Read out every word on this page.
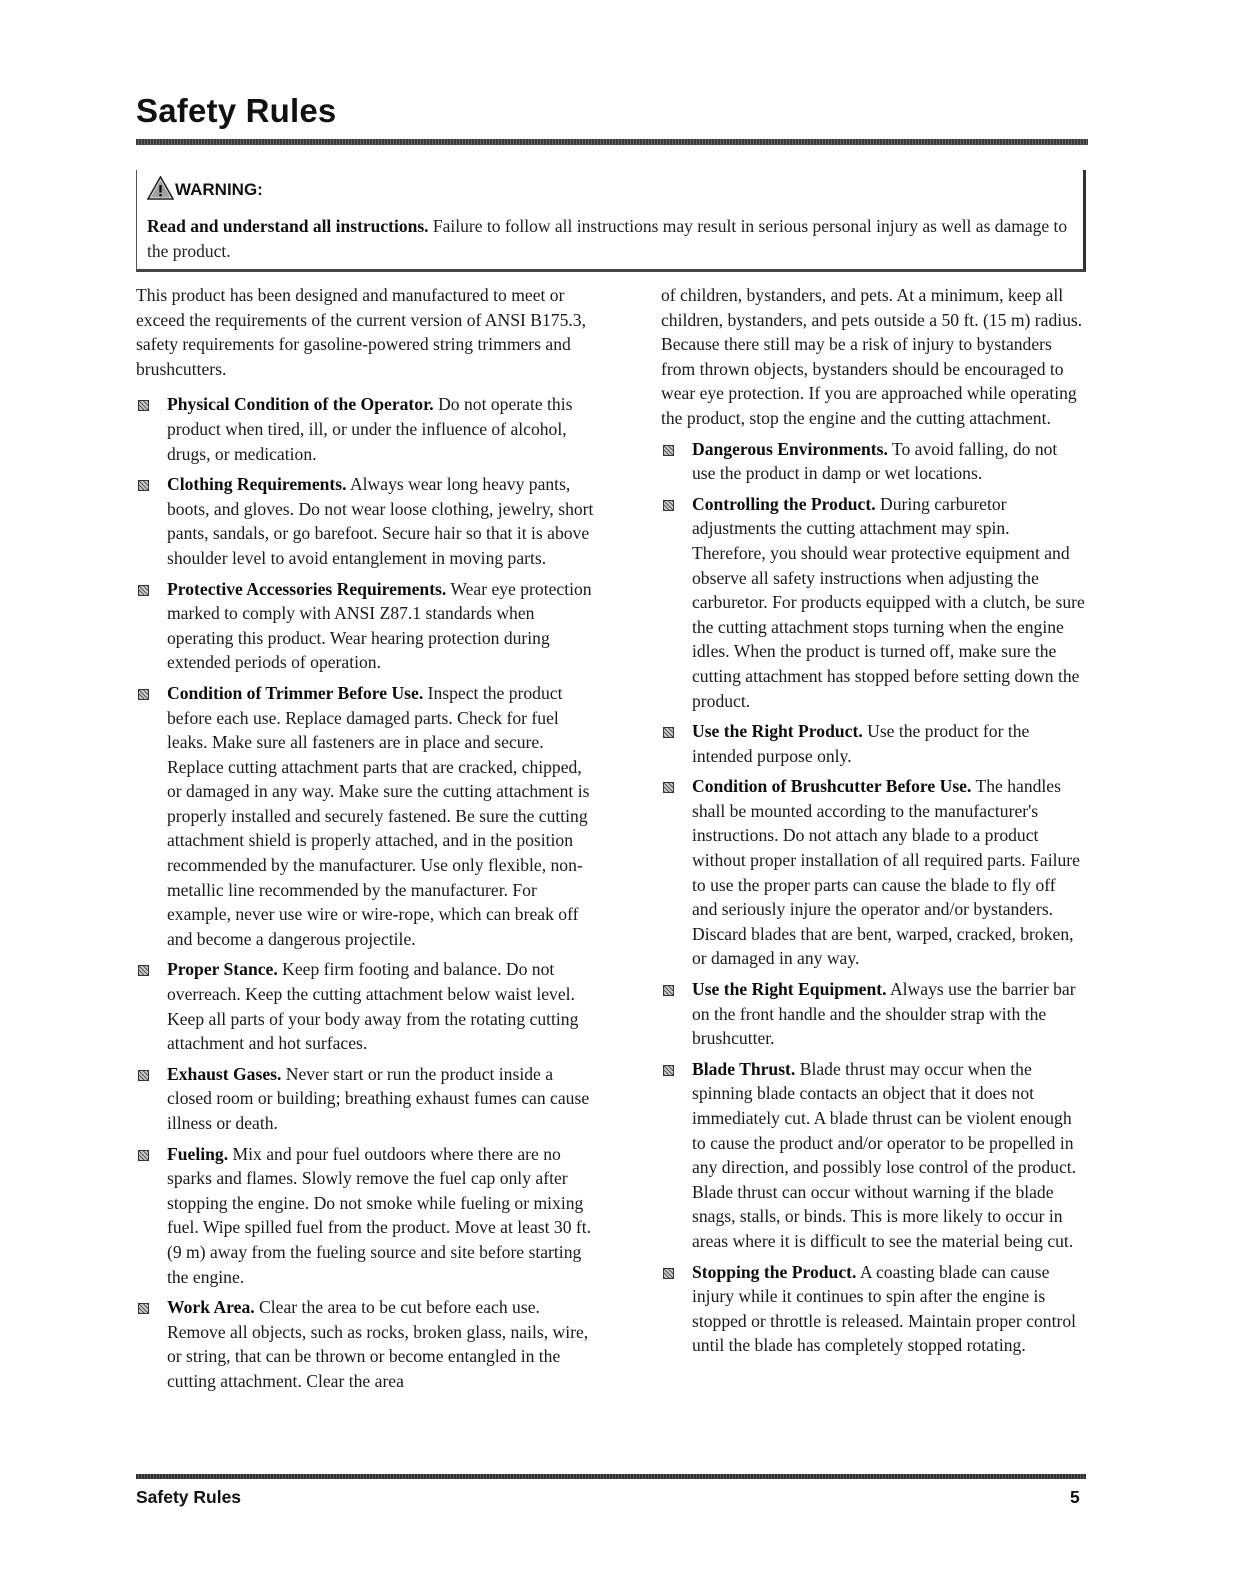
Safety Rules
WARNING:

Read and understand all instructions. Failure to follow all instructions may result in serious personal injury as well as damage to the product.

This product has been designed and manufactured to meet or exceed the requirements of the current version of ANSI B175.3, safety requirements for gasoline-powered string trimmers and brushcutters.

Physical Condition of the Operator. Do not operate this product when tired, ill, or under the influence of alcohol, drugs, or medication.
Clothing Requirements. Always wear long heavy pants, boots, and gloves. Do not wear loose clothing, jewelry, short pants, sandals, or go barefoot. Secure hair so that it is above shoulder level to avoid entanglement in moving parts.
Protective Accessories Requirements. Wear eye protection marked to comply with ANSI Z87.1 standards when operating this product. Wear hearing protection during extended periods of operation.
Condition of Trimmer Before Use. Inspect the product before each use. Replace damaged parts. Check for fuel leaks. Make sure all fasteners are in place and secure. Replace cutting attachment parts that are cracked, chipped, or damaged in any way. Make sure the cutting attachment is properly installed and securely fastened. Be sure the cutting attachment shield is properly attached, and in the position recommended by the manufacturer. Use only flexible, non-metallic line recommended by the manufacturer. For example, never use wire or wire-rope, which can break off and become a dangerous projectile.
Proper Stance. Keep firm footing and balance. Do not overreach. Keep the cutting attachment below waist level. Keep all parts of your body away from the rotating cutting attachment and hot surfaces.
Exhaust Gases. Never start or run the product inside a closed room or building; breathing exhaust fumes can cause illness or death.
Fueling. Mix and pour fuel outdoors where there are no sparks and flames. Slowly remove the fuel cap only after stopping the engine. Do not smoke while fueling or mixing fuel. Wipe spilled fuel from the product. Move at least 30 ft. (9 m) away from the fueling source and site before starting the engine.
Work Area. Clear the area to be cut before each use. Remove all objects, such as rocks, broken glass, nails, wire, or string, that can be thrown or become entangled in the cutting attachment. Clear the area

of children, bystanders, and pets. At a minimum, keep all children, bystanders, and pets outside a 50 ft. (15 m) radius. Because there still may be a risk of injury to bystanders from thrown objects, bystanders should be encouraged to wear eye protection. If you are approached while operating the product, stop the engine and the cutting attachment.

Dangerous Environments. To avoid falling, do not use the product in damp or wet locations.
Controlling the Product. During carburetor adjustments the cutting attachment may spin. Therefore, you should wear protective equipment and observe all safety instructions when adjusting the carburetor. For products equipped with a clutch, be sure the cutting attachment stops turning when the engine idles. When the product is turned off, make sure the cutting attachment has stopped before setting down the product.
Use the Right Product. Use the product for the intended purpose only.
Condition of Brushcutter Before Use. The handles shall be mounted according to the manufacturer's instructions. Do not attach any blade to a product without proper installation of all required parts. Failure to use the proper parts can cause the blade to fly off and seriously injure the operator and/or bystanders. Discard blades that are bent, warped, cracked, broken, or damaged in any way.
Use the Right Equipment. Always use the barrier bar on the front handle and the shoulder strap with the brushcutter.
Blade Thrust. Blade thrust may occur when the spinning blade contacts an object that it does not immediately cut. A blade thrust can be violent enough to cause the product and/or operator to be propelled in any direction, and possibly lose control of the product. Blade thrust can occur without warning if the blade snags, stalls, or binds. This is more likely to occur in areas where it is difficult to see the material being cut.
Stopping the Product. A coasting blade can cause injury while it continues to spin after the engine is stopped or throttle is released. Maintain proper control until the blade has completely stopped rotating.
Safety Rules	5
